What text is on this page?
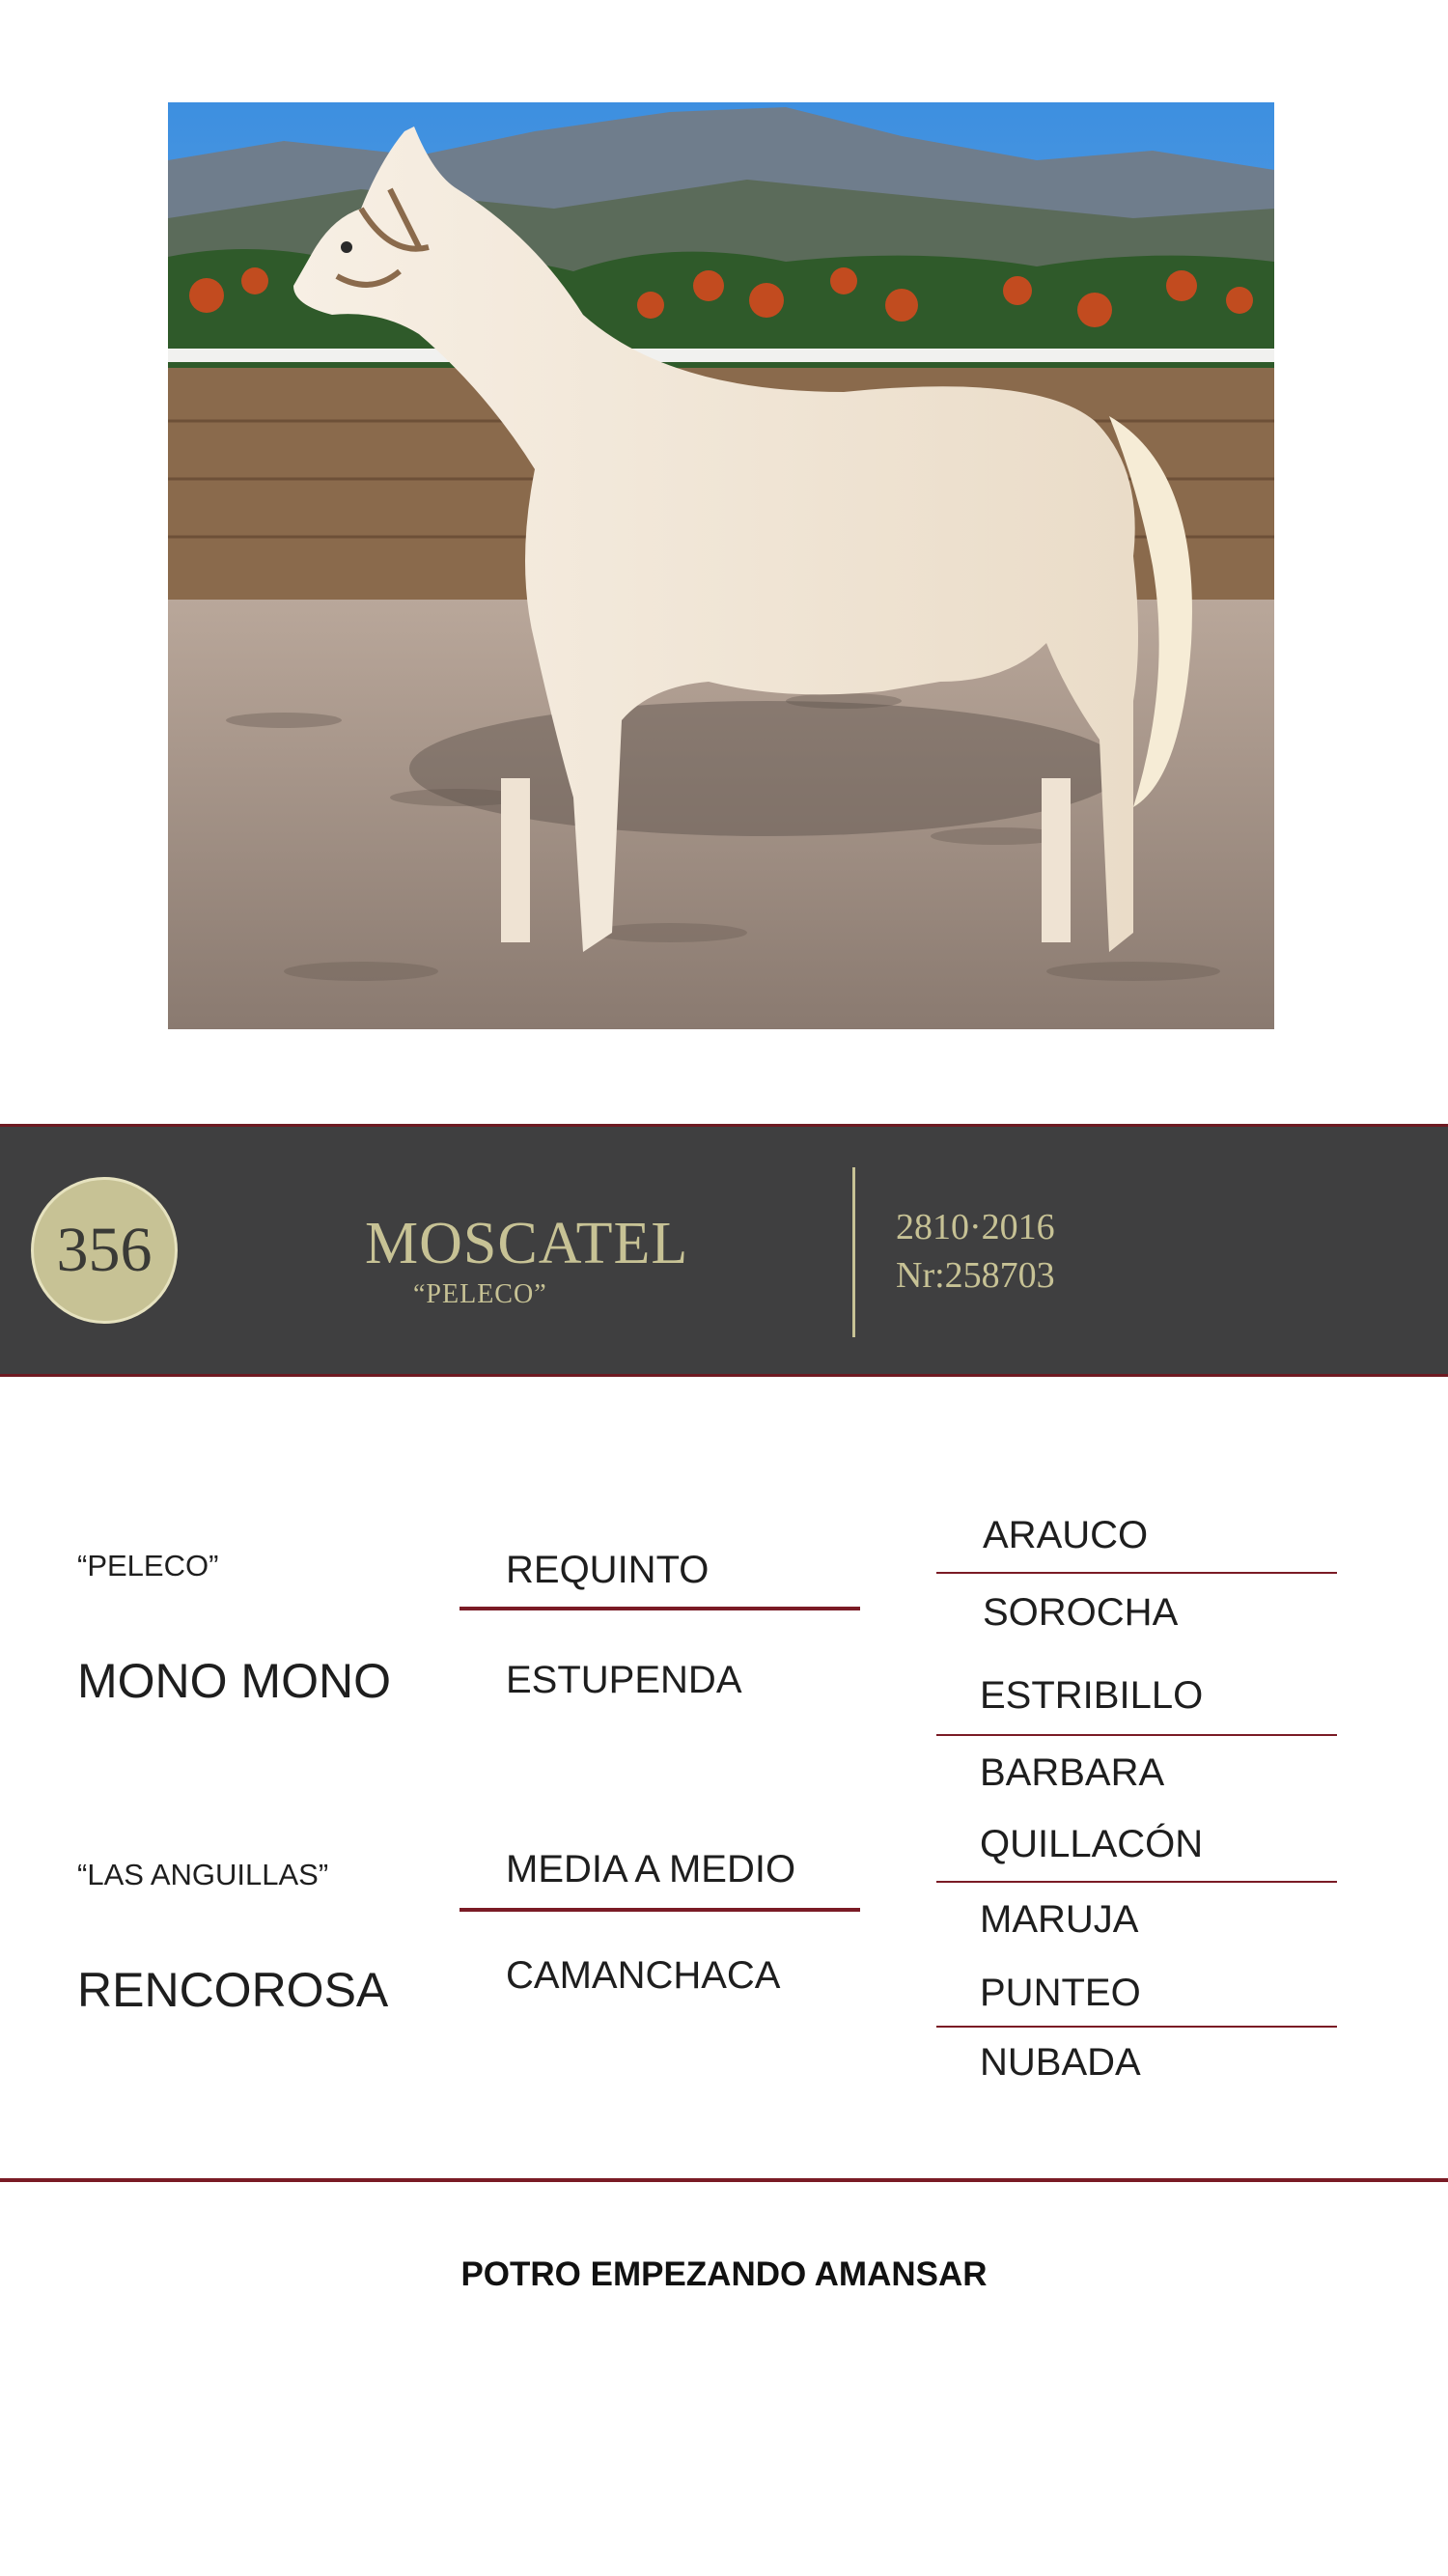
356	MOSCATEL
“PELECO”
2810·2016
Nr:258703
“PELECO”
MONO MONO
“LAS ANGUILLAS”
RENCOROSA
REQUINTO
ESTUPENDA
MEDIA A MEDIO
CAMANCHACA
ARAUCO
SOROCHA
ESTRIBILLO
BARBARA
QUILLACÓN
MARUJA
PUNTEO
NUBADA
POTRO EMPEZANDO AMANSAR
